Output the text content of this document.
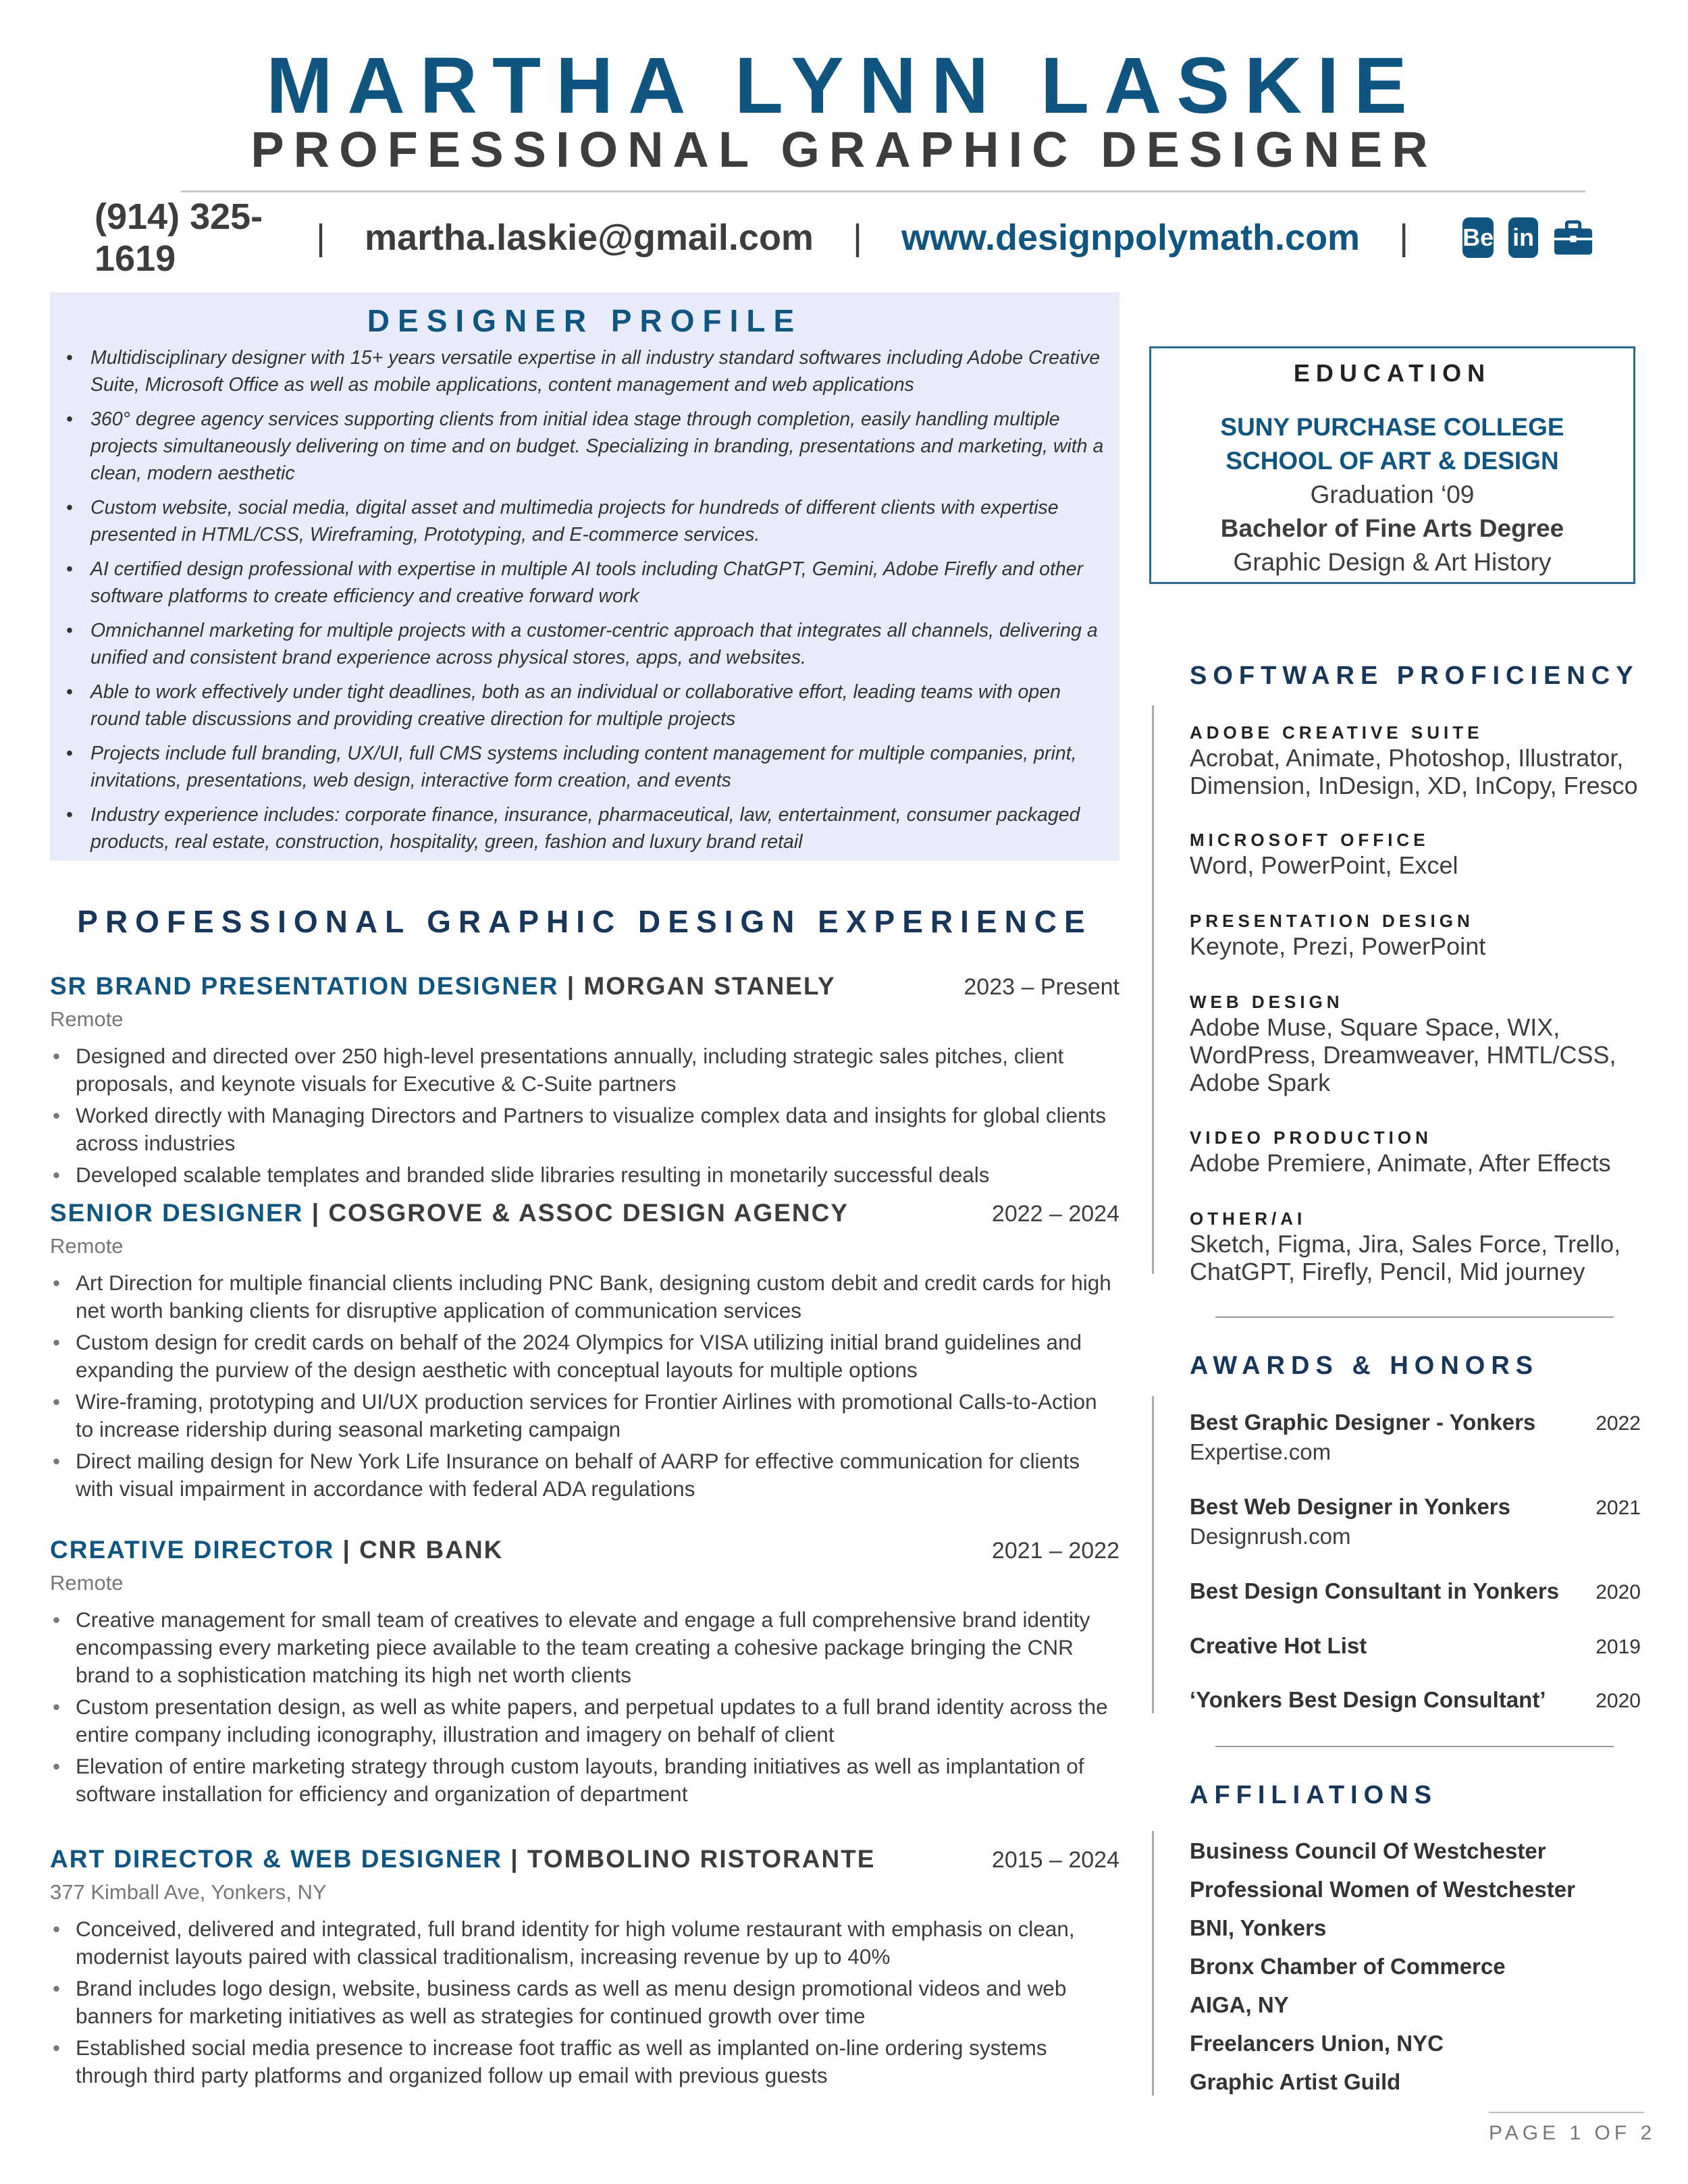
MARTHA LYNN LASKIE
PROFESSIONAL GRAPHIC DESIGNER
(914) 325-1619
| martha.laskie@gmail.com | www.designpolymath.com | Be in
DESIGNER PROFILE
• Multidisciplinary designer with 15+ years versatile expertise in all industry standard softwares including Adobe Creative Suite, Microsoft Office as well as mobile applications, content management and web applications
• 360° degree agency services supporting clients from initial idea stage through completion, easily handling multiple projects simultaneously delivering on time and on budget. Specializing in branding, presentations and marketing, with a clean, modern aesthetic
• Custom website, social media, digital asset and multimedia projects for hundreds of different clients with expertise presented in HTML/CSS, Wireframing, Prototyping, and E-commerce services.
• AI certified design professional with expertise in multiple AI tools including ChatGPT, Gemini, Adobe Firefly and other software platforms to create efficiency and creative forward work
• Omnichannel marketing for multiple projects with a customer-centric approach that integrates all channels, delivering a unified and consistent brand experience across physical stores, apps, and websites.
• Able to work effectively under tight deadlines, both as an individual or collaborative effort, leading teams with open round table discussions and providing creative direction for multiple projects
• Projects include full branding, UX/UI, full CMS systems including content management for multiple companies, print, invitations, presentations, web design, interactive form creation, and events
• Industry experience includes: corporate finance, insurance, pharmaceutical, law, entertainment, consumer packaged products, real estate, construction, hospitality, green, fashion and luxury brand retail
PROFESSIONAL GRAPHIC DESIGN EXPERIENCE
SR BRAND PRESENTATION DESIGNER | MORGAN STANELY	2023 – Present
Remote
• Designed and directed over 250 high-level presentations annually, including strategic sales pitches, client proposals, and keynote visuals for Executive & C-Suite partners
• Worked directly with Managing Directors and Partners to visualize complex data and insights for global clients across industries
• Developed scalable templates and branded slide libraries resulting in monetarily successful deals
SENIOR DESIGNER | COSGROVE & ASSOC DESIGN AGENCY	2022 – 2024
Remote
• Art Direction for multiple financial clients including PNC Bank, designing custom debit and credit cards for high net worth banking clients for disruptive application of communication services
• Custom design for credit cards on behalf of the 2024 Olympics for VISA utilizing initial brand guidelines and expanding the purview of the design aesthetic with conceptual layouts for multiple options
• Wire-framing, prototyping and UI/UX production services for Frontier Airlines with promotional Calls-to-Action to increase ridership during seasonal marketing campaign
• Direct mailing design for New York Life Insurance on behalf of AARP for effective communication for clients with visual impairment in accordance with federal ADA regulations
CREATIVE DIRECTOR | CNR BANK	2021 – 2022
Remote
• Creative management for small team of creatives to elevate and engage a full comprehensive brand identity encompassing every marketing piece available to the team creating a cohesive package bringing the CNR brand to a sophistication matching its high net worth clients
• Custom presentation design, as well as white papers, and perpetual updates to a full brand identity across the entire company including iconography, illustration and imagery on behalf of client
• Elevation of entire marketing strategy through custom layouts, branding initiatives as well as implantation of software installation for efficiency and organization of department
ART DIRECTOR & WEB DESIGNER | TOMBOLINO RISTORANTE	2015 – 2024
377 Kimball Ave, Yonkers, NY
• Conceived, delivered and integrated, full brand identity for high volume restaurant with emphasis on clean, modernist layouts paired with classical traditionalism, increasing revenue by up to 40%
• Brand includes logo design, website, business cards as well as menu design promotional videos and web banners for marketing initiatives as well as strategies for continued growth over time
• Established social media presence to increase foot traffic as well as implanted on-line ordering systems through third party platforms and organized follow up email with previous guests
EDUCATION
SUNY PURCHASE COLLEGE
SCHOOL OF ART & DESIGN
Graduation ‘09
Bachelor of Fine Arts Degree
Graphic Design & Art History
SOFTWARE PROFICIENCY
ADOBE CREATIVE SUITE
Acrobat, Animate, Photoshop, Illustrator, Dimension, InDesign, XD, InCopy, Fresco
MICROSOFT OFFICE
Word, PowerPoint, Excel
PRESENTATION DESIGN
Keynote, Prezi, PowerPoint
WEB DESIGN
Adobe Muse, Square Space, WIX, WordPress, Dreamweaver, HMTL/CSS, Adobe Spark
VIDEO PRODUCTION
Adobe Premiere, Animate, After Effects
OTHER/AI
Sketch, Figma, Jira, Sales Force, Trello, ChatGPT, Firefly, Pencil, Mid journey
AWARDS & HONORS
Best Graphic Designer - Yonkers	2022
Expertise.com
Best Web Designer in Yonkers	2021
Designrush.com
Best Design Consultant in Yonkers 2020
Creative Hot List	2019
‘Yonkers Best Design Consultant’ 2020
AFFILIATIONS
Business Council Of Westchester
Professional Women of Westchester
BNI, Yonkers
Bronx Chamber of Commerce
AIGA, NY
Freelancers Union, NYC
Graphic Artist Guild
PAGE 1 OF 2
